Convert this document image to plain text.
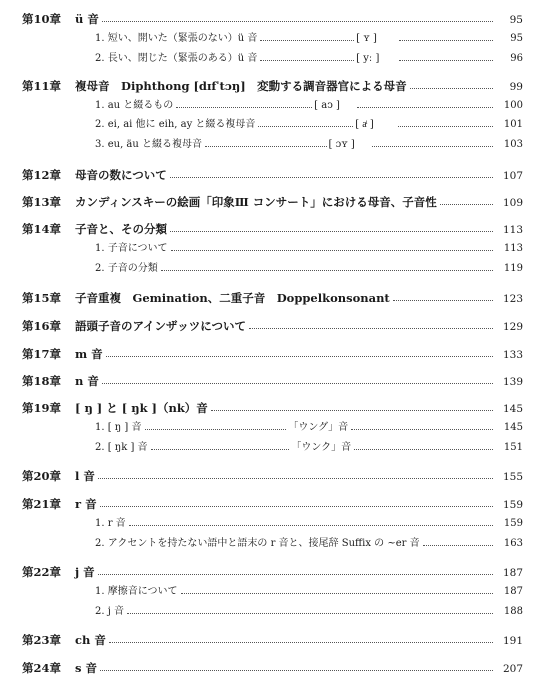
第10章 ü 音	95
1. 短い、開いた（緊張のない）ü 音	[ ʏ ]	95
2. 長い、閉じた（緊張のある）ü 音	[ yː ]	96
第11章 複母音　Diphthong [dɪfˈtɔŋ]　変動する調音器官による母音	99
1. au と綴るもの	[ aͻ ]	100
2. ei, ai 他に eih, ay と綴る複母音	[ aͥ ]	101
3. eu, äu と綴る複母音	[ ɔʏ ]	103
第12章 母音の数について	107
第13章 カンディンスキーの絵画「印象Ⅲ コンサート」における母音、子音性	109
第14章 子音と、その分類	113
1. 子音について	113
2. 子音の分類	119
第15章 子音重複　Gemination、二重子音　Doppelkonsonant	123
第16章 語頭子音のアインザッツについて	129
第17章 m 音	133
第18章 n 音	139
第19章 [ ŋ ] と [ ŋk ]（nk）音	145
1. [ ŋ ] 音	「ウング」音	145
2. [ ŋk ] 音	「ウンク」音	151
第20章 l 音	155
第21章 r 音	159
1. r 音	159
2. アクセントを持たない語中と語末の r 音と、接尾辞 Suffix の ~er 音	163
第22章 j 音	187
1. 摩擦音について	187
2. j 音	188
第23章 ch 音	191
第24章 s 音	207
